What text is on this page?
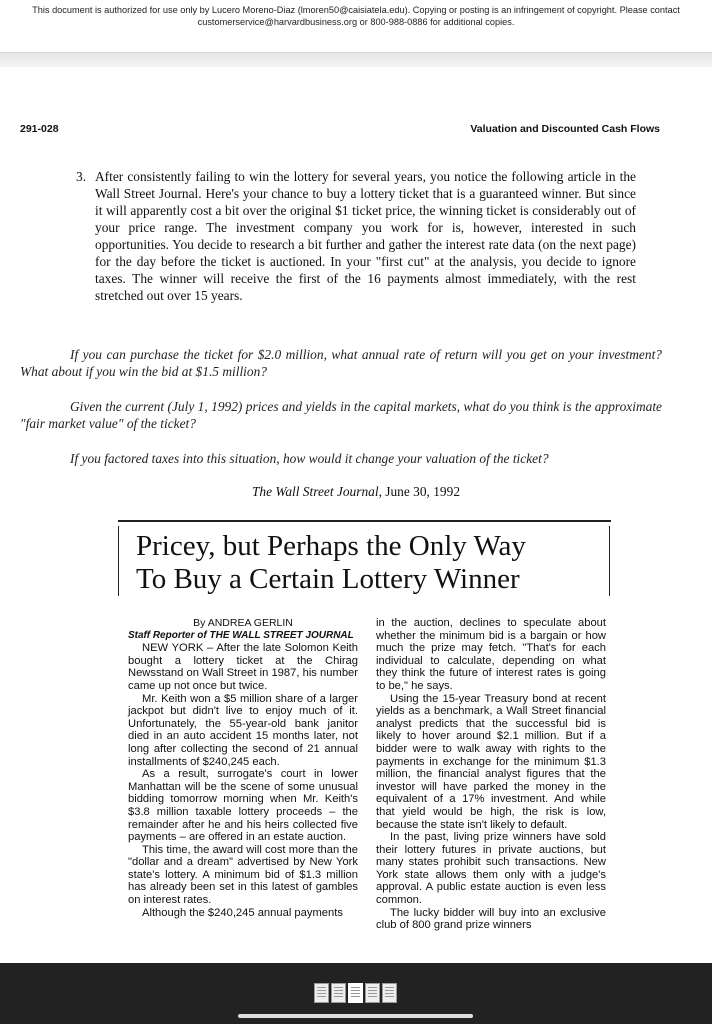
This document is authorized for use only by Lucero Moreno-Diaz (lmoren50@caisiatela.edu). Copying or posting is an infringement of copyright. Please contact
customerservice@harvardbusiness.org or 800-988-0886 for additional copies.
291-028	Valuation and Discounted Cash Flows
3. After consistently failing to win the lottery for several years, you notice the following article in the Wall Street Journal. Here's your chance to buy a lottery ticket that is a guaranteed winner. But since it will apparently cost a bit over the original $1 ticket price, the winning ticket is considerably out of your price range. The investment company you work for is, however, interested in such opportunities. You decide to research a bit further and gather the interest rate data (on the next page) for the day before the ticket is auctioned. In your "first cut" at the analysis, you decide to ignore taxes. The winner will receive the first of the 16 payments almost immediately, with the rest stretched out over 15 years.
If you can purchase the ticket for $2.0 million, what annual rate of return will you get on your investment? What about if you win the bid at $1.5 million?
Given the current (July 1, 1992) prices and yields in the capital markets, what do you think is the approximate "fair market value" of the ticket?
If you factored taxes into this situation, how would it change your valuation of the ticket?
The Wall Street Journal, June 30, 1992
Pricey, but Perhaps the Only Way
To Buy a Certain Lottery Winner
By ANDREA GERLIN
Staff Reporter of THE WALL STREET JOURNAL

NEW YORK – After the late Solomon Keith bought a lottery ticket at the Chirag Newsstand on Wall Street in 1987, his number came up not once but twice.

Mr. Keith won a $5 million share of a larger jackpot but didn't live to enjoy much of it. Unfortunately, the 55-year-old bank janitor died in an auto accident 15 months later, not long after collecting the second of 21 annual installments of $240,245 each.

As a result, surrogate's court in lower Manhattan will be the scene of some unusual bidding tomorrow morning when Mr. Keith's $3.8 million taxable lottery proceeds – the remainder after he and his heirs collected five payments – are offered in an estate auction.

This time, the award will cost more than the "dollar and a dream" advertised by New York state's lottery. A minimum bid of $1.3 million has already been set in this latest of gambles on interest rates.

Although the $240,245 annual payments

in the auction, declines to speculate about whether the minimum bid is a bargain or how much the prize may fetch. "That's for each individual to calculate, depending on what they think the future of interest rates is going to be," he says.

Using the 15-year Treasury bond at recent yields as a benchmark, a Wall Street financial analyst predicts that the successful bid is likely to hover around $2.1 million. But if a bidder were to walk away with rights to the payments in exchange for the minimum $1.3 million, the financial analyst figures that the investor will have parked the money in the equivalent of a 17% investment. And while that yield would be high, the risk is low, because the state isn't likely to default.

In the past, living prize winners have sold their lottery futures in private auctions, but many states prohibit such transactions. New York state allows them only with a judge's approval. A public estate auction is even less common.

The lucky bidder will buy into an exclusive club of 800 grand prize winners
